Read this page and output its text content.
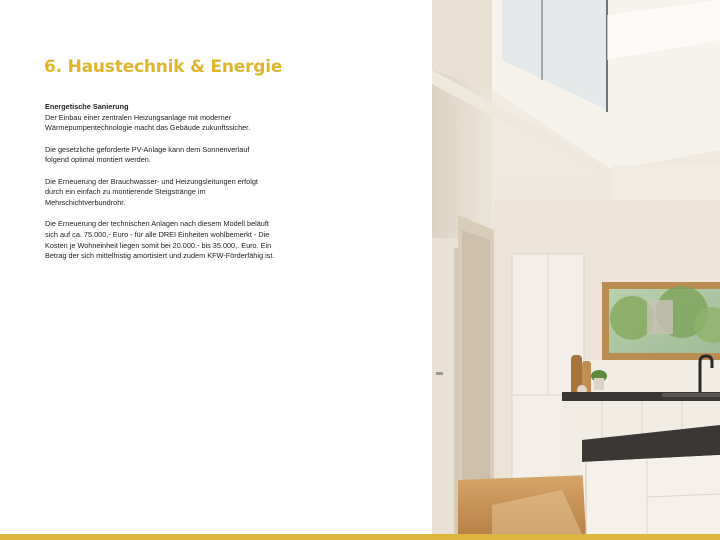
6. Haustechnik & Energie

Energetische Sanierung
Der Einbau einer zentralen Heizungsanlage mit moderner
Wärmepumpentechnologie macht das Gebäude zukunftssicher.

Die gesetzliche geforderte PV-Anlage kann dem Sonnenverlauf
folgend optimal montiert werden.

Die Erneuerung der Brauchwasser- und Heizungsleitungen erfolgt
durch ein einfach zu montierende Steigstränge im
Mehrschichtverbundrohr.

Die Erneuerung der technischen Anlagen nach diesem Modell beläuft
sich auf ca. 75.000,- Euro - für alle DREI Einheiten wohlbemerkt - Die
Kosten je Wohneinheit liegen somit bei 20.000.- bis 35.000,. Euro. Ein
Betrag der sich mittelfristig amortisiert und zudem KFW-Förderfähig ist.
